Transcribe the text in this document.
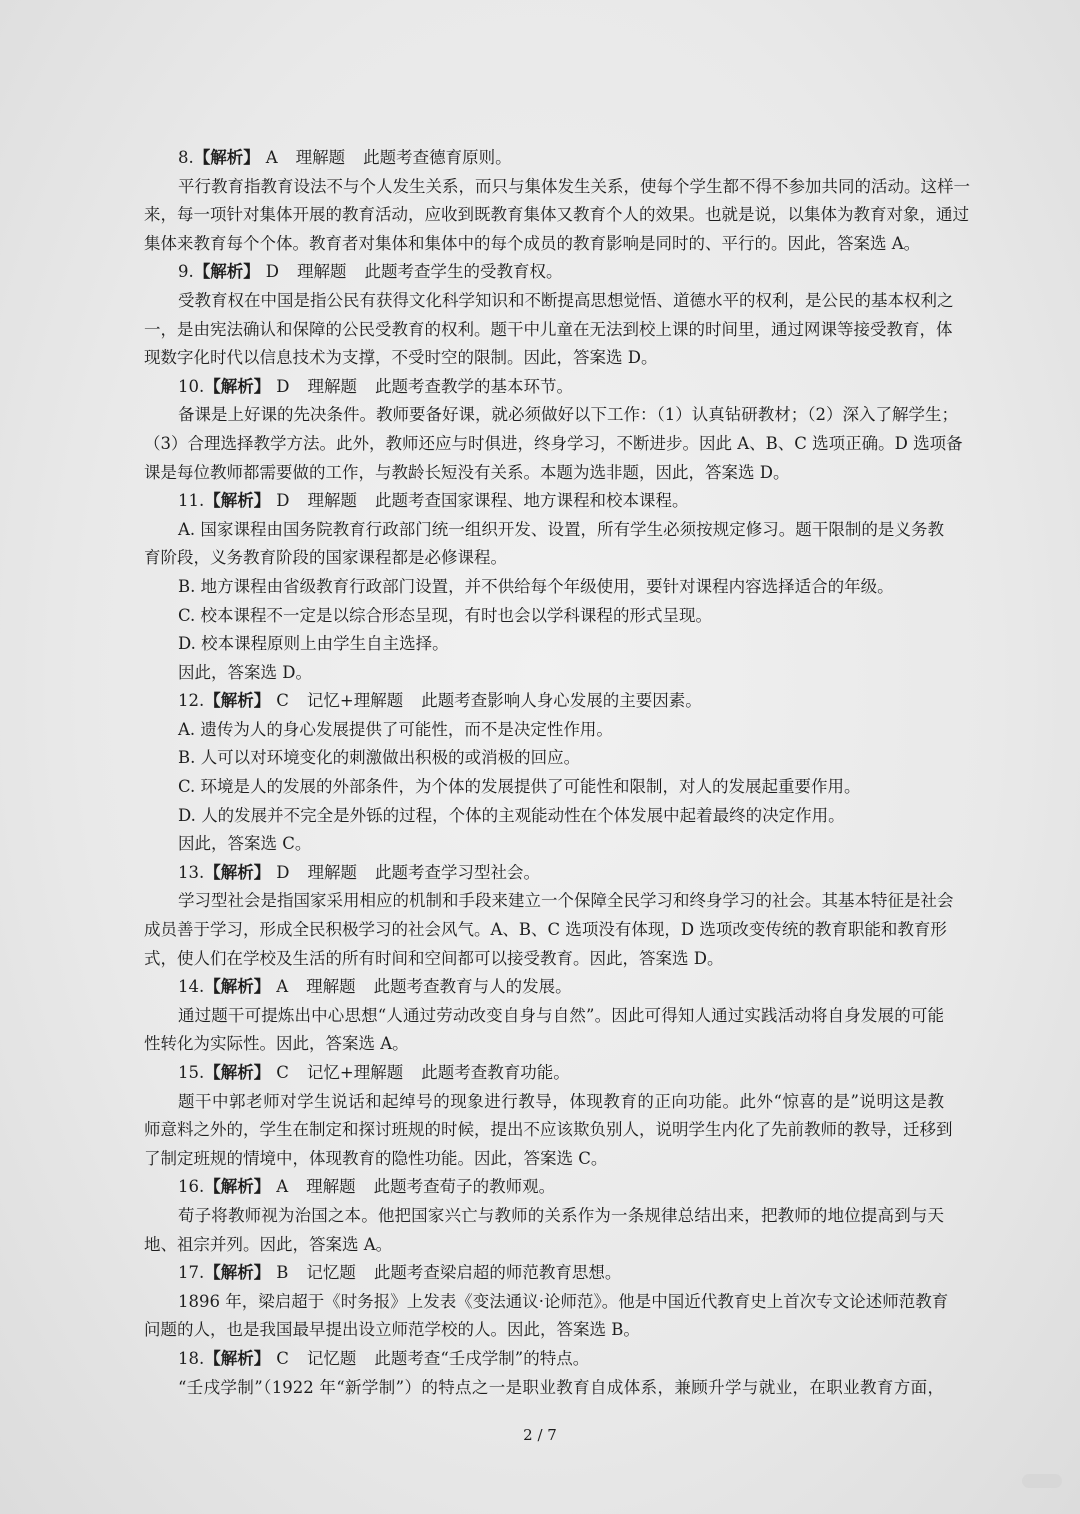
8.【解析】 A 理解题 此题考查德育原则。
平行教育指教育设法不与个人发生关系，而只与集体发生关系，使每个学生都不得不参加共同的活动。这样一
来，每一项针对集体开展的教育活动，应收到既教育集体又教育个人的效果。也就是说，以集体为教育对象，通过
集体来教育每个个体。教育者对集体和集体中的每个成员的教育影响是同时的、平行的。因此，答案选 A。
9.【解析】 D 理解题 此题考查学生的受教育权。
受教育权在中国是指公民有获得文化科学知识和不断提高思想觉悟、道德水平的权利，是公民的基本权利之
一，是由宪法确认和保障的公民受教育的权利。题干中儿童在无法到校上课的时间里，通过网课等接受教育，体
现数字化时代以信息技术为支撑，不受时空的限制。因此，答案选 D。
10.【解析】 D 理解题 此题考查教学的基本环节。
备课是上好课的先决条件。教师要备好课，就必须做好以下工作：（1）认真钻研教材；（2）深入了解学生；
（3）合理选择教学方法。此外，教师还应与时俱进，终身学习，不断进步。因此 A、B、C 选项正确。D 选项备
课是每位教师都需要做的工作，与教龄长短没有关系。本题为选非题，因此，答案选 D。
11.【解析】 D 理解题 此题考查国家课程、地方课程和校本课程。
A. 国家课程由国务院教育行政部门统一组织开发、设置，所有学生必须按规定修习。题干限制的是义务教
育阶段，义务教育阶段的国家课程都是必修课程。
B. 地方课程由省级教育行政部门设置，并不供给每个年级使用，要针对课程内容选择适合的年级。
C. 校本课程不一定是以综合形态呈现，有时也会以学科课程的形式呈现。
D. 校本课程原则上由学生自主选择。
因此，答案选 D。
12.【解析】 C 记忆+理解题 此题考查影响人身心发展的主要因素。
A. 遗传为人的身心发展提供了可能性，而不是决定性作用。
B. 人可以对环境变化的刺激做出积极的或消极的回应。
C. 环境是人的发展的外部条件，为个体的发展提供了可能性和限制，对人的发展起重要作用。
D. 人的发展并不完全是外铄的过程，个体的主观能动性在个体发展中起着最终的决定作用。
因此，答案选 C。
13.【解析】 D 理解题 此题考查学习型社会。
学习型社会是指国家采用相应的机制和手段来建立一个保障全民学习和终身学习的社会。其基本特征是社会
成员善于学习，形成全民积极学习的社会风气。A、B、C 选项没有体现，D 选项改变传统的教育职能和教育形
式，使人们在学校及生活的所有时间和空间都可以接受教育。因此，答案选 D。
14.【解析】 A 理解题 此题考查教育与人的发展。
通过题干可提炼出中心思想“人通过劳动改变自身与自然”。因此可得知人通过实践活动将自身发展的可能
性转化为实际性。因此，答案选 A。
15.【解析】 C 记忆+理解题 此题考查教育功能。
题干中郭老师对学生说话和起绰号的现象进行教导，体现教育的正向功能。此外“惊喜的是”说明这是教
师意料之外的，学生在制定和探讨班规的时候，提出不应该欺负别人，说明学生内化了先前教师的教导，迁移到
了制定班规的情境中，体现教育的隐性功能。因此，答案选 C。
16.【解析】 A 理解题 此题考查荀子的教师观。
荀子将教师视为治国之本。他把国家兴亡与教师的关系作为一条规律总结出来，把教师的地位提高到与天
地、祖宗并列。因此，答案选 A。
17.【解析】 B 记忆题 此题考查梁启超的师范教育思想。
1896 年，梁启超于《时务报》上发表《变法通议·论师范》。他是中国近代教育史上首次专文论述师范教育
问题的人，也是我国最早提出设立师范学校的人。因此，答案选 B。
18.【解析】 C 记忆题 此题考查“壬戌学制”的特点。
“壬戌学制”（1922 年“新学制”）的特点之一是职业教育自成体系，兼顾升学与就业，在职业教育方面，
2 / 7
